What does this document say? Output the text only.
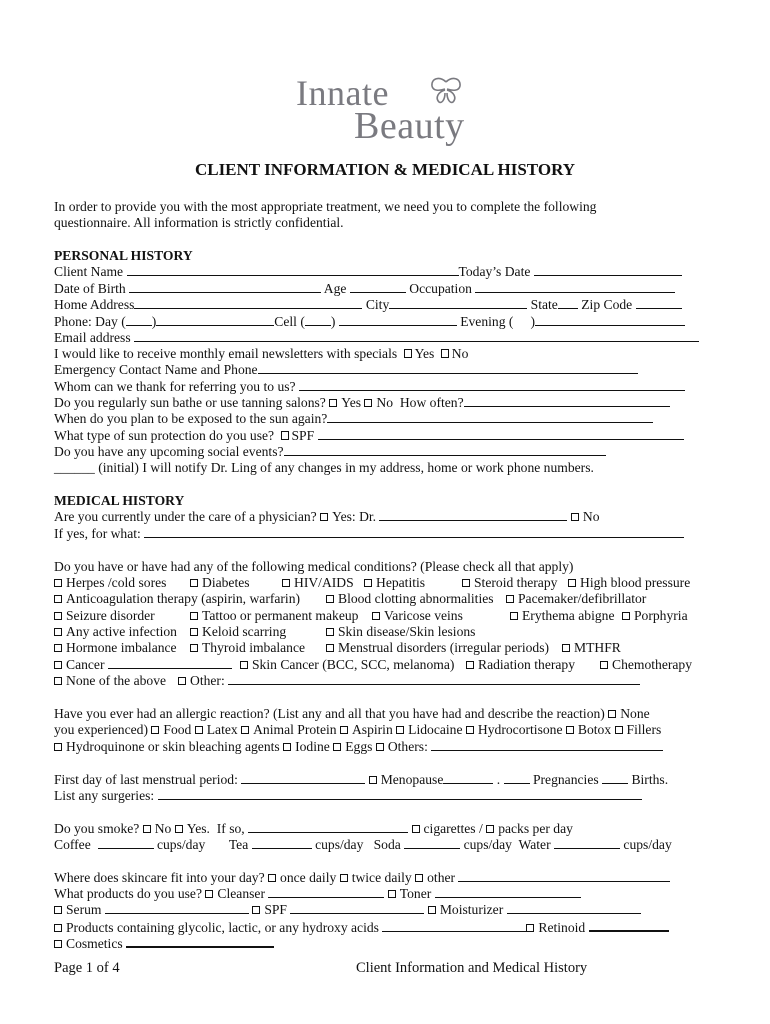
Innate
Beauty
CLIENT INFORMATION & MEDICAL HISTORY
In order to provide you with the most appropriate treatment, we need you to complete the following
questionnaire. All information is strictly confidential.
PERSONAL HISTORY
Client Name	Today’s Date
Date of Birth	Age	Occupation
Home Address	City	State Zip Code
Phone: Day ( )	Cell ( )	Evening ( )
Email address
I would like to receive monthly email newsletters with specials Yes No
Emergency Contact Name and Phone
Whom can we thank for referring you to us?
Do you regularly sun bathe or use tanning salons? Yes No How often?
When do you plan to be exposed to the sun again?
What type of sun protection do you use? SPF
Do you have any upcoming social events?
______ (initial) I will notify Dr. Ling of any changes in my address, home or work phone numbers.
MEDICAL HISTORY
Are you currently under the care of a physician? Yes: Dr.	No
If yes, for what:
Do you have or have had any of the following medical conditions? (Please check all that apply)
Herpes /cold sores	Diabetes	HIV/AIDS	Hepatitis	Steroid therapy	High blood pressure
Anticoagulation therapy (aspirin, warfarin)	Blood clotting abnormalities	Pacemaker/defibrillator
Seizure disorder	Tattoo or permanent makeup	Varicose veins	Erythema abigne	Porphyria
Any active infection	Keloid scarring	Skin disease/Skin lesions
Hormone imbalance	Thyroid imbalance	Menstrual disorders (irregular periods)	MTHFR
Cancer	Skin Cancer (BCC, SCC, melanoma)	Radiation therapy	Chemotherapy
None of the above	Other:
Have you ever had an allergic reaction? (List any and all that you have had and describe the reaction) None
you experienced) Food Latex Animal Protein Aspirin Lidocaine Hydrocortisone Botox Fillers
Hydroquinone or skin bleaching agents Iodine Eggs Others:
First day of last menstrual period:	Menopause	.  Pregnancies Births.
List any surgeries:
Do you smoke? No Yes. If so,	cigarettes / packs per day
Coffee	cups/day Tea	cups/day Soda	cups/day Water	cups/day
Where does skincare fit into your day? once daily twice daily other
What products do you use? Cleanser	Toner
Serum	SPF	Moisturizer
Products containing glycolic, lactic, or any hydroxy acids	Retinoid
Cosmetics
Page 1 of 4	Client Information and Medical History
